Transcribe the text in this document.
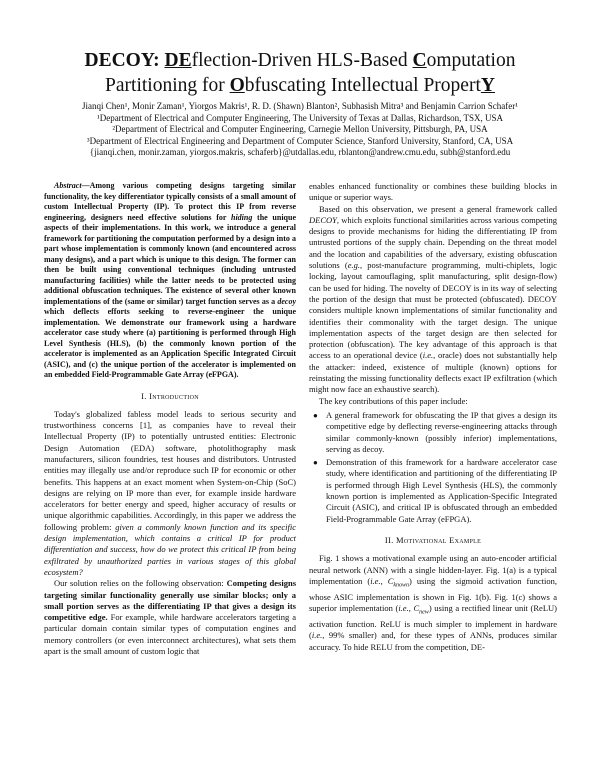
DECOY: DEflection-Driven HLS-Based Computation
Partitioning for Obfuscating Intellectual PropertY
Jianqi Chen¹, Monir Zaman¹, Yiorgos Makris¹, R. D. (Shawn) Blanton², Subhasish Mitra³ and Benjamin Carrion Schafer¹
¹Department of Electrical and Computer Engineering, The University of Texas at Dallas, Richardson, TSX, USA
²Department of Electrical and Computer Engineering, Carnegie Mellon University, Pittsburgh, PA, USA
³Department of Electrical Engineering and Department of Computer Science, Stanford University, Stanford, CA, USA
{jianqi.chen, monir.zaman, yiorgos.makris, schaferb}@utdallas.edu, rblanton@andrew.cmu.edu, subh@stanford.edu

Abstract—Among various competing designs targeting similar functionality, the key differentiator typically consists of a small amount of custom Intellectual Property (IP). To protect this IP from reverse engineering, designers need effective solutions for hiding the unique aspects of their implementations. In this work, we introduce a general framework for partitioning the computation performed by a design into a part whose implementation is commonly known (and encountered across many designs), and a part which is unique to this design. The former can then be built using conventional techniques (including untrusted manufacturing facilities) while the latter needs to be protected using additional obfuscation techniques. The existence of several other known implementations of the (same or similar) target function serves as a decoy which deflects efforts seeking to reverse-engineer the unique implementation. We demonstrate our framework using a hardware accelerator case study where (a) partitioning is performed through High Level Synthesis (HLS), (b) the commonly known portion of the accelerator is implemented as an Application Specific Integrated Circuit (ASIC), and (c) the unique portion of the accelerator is implemented on an embedded Field-Programmable Gate Array (eFPGA).

I. Introduction

Today's globalized fabless model leads to serious security and trustworthiness concerns [1], as companies have to reveal their Intellectual Property (IP) to potentially untrusted entities: Electronic Design Automation (EDA) software, photolithography mask manufacturers, silicon foundries, test houses and distributors. Untrusted entities may illegally use and/or reproduce such IP for economic or other benefits. This happens at an exact moment when System-on-Chip (SoC) designs are relying on IP more than ever, for example inside hardware accelerators for better energy and speed, higher accuracy of results or unique algorithmic capabilities. Accordingly, in this paper we address the following problem: given a commonly known function and its specific design implementation, which contains a critical IP for product differentiation and success, how do we protect this critical IP from being exfiltrated by unauthorized parties in various stages of this global ecosystem?

Our solution relies on the following observation: Competing designs targeting similar functionality generally use similar blocks; only a small portion serves as the differentiating IP that gives a design its competitive edge. For example, while hardware accelerators targeting a particular domain contain similar types of computation engines and memory controllers (or even interconnect architectures), what sets them apart is the small amount of custom logic that

enables enhanced functionality or combines these building blocks in unique or superior ways.

Based on this observation, we present a general framework called DECOY, which exploits functional similarities across various competing designs to provide mechanisms for hiding the differentiating IP from untrusted portions of the supply chain. Depending on the threat model and the location and capabilities of the adversary, existing obfuscation solutions (e.g., post-manufacture programming, multi-chiplets, logic locking, layout camouflaging, split manufacturing, split design-flow) can be used for hiding. The novelty of DECOY is in its way of selecting the portion of the design that must be protected (obfuscated). DECOY considers multiple known implementations of similar functionality and identifies their commonality with the target design. The unique implementation aspects of the target design are then selected for protection (obfuscation). The key advantage of this approach is that access to an operational device (i.e., oracle) does not substantially help the attacker: indeed, existence of multiple (known) options for reinstating the missing functionality deflects exact IP exfiltration (which might now face an exhaustive search).

The key contributions of this paper include:

● A general framework for obfuscating the IP that gives a design its competitive edge by deflecting reverse-engineering attacks through similar commonly-known (possibly inferior) implementations, serving as decoy.
● Demonstration of this framework for a hardware accelerator case study, where identification and partitioning of the differentiating IP is performed through High Level Synthesis (HLS), the commonly known portion is implemented as Application-Specific Integrated Circuit (ASIC), and critical IP is obfuscated through an embedded Field-Programmable Gate Array (eFPGA).
II. Motivational Example

Fig. 1 shows a motivational example using an auto-encoder artificial neural network (ANN) with a single hidden-layer. Fig. 1(a) is a typical implementation (i.e., $C_{known}$) using the sigmoid activation function, whose ASIC implementation is shown in Fig. 1(b). Fig. 1(c) shows a superior implementation (i.e., $C_{new}$) using a rectified linear unit (ReLU) activation function. ReLU is much simpler to implement in hardware (i.e., 99% smaller) and, for these types of ANNs, produces similar accuracy. To hide RELU from the competition, DE-
